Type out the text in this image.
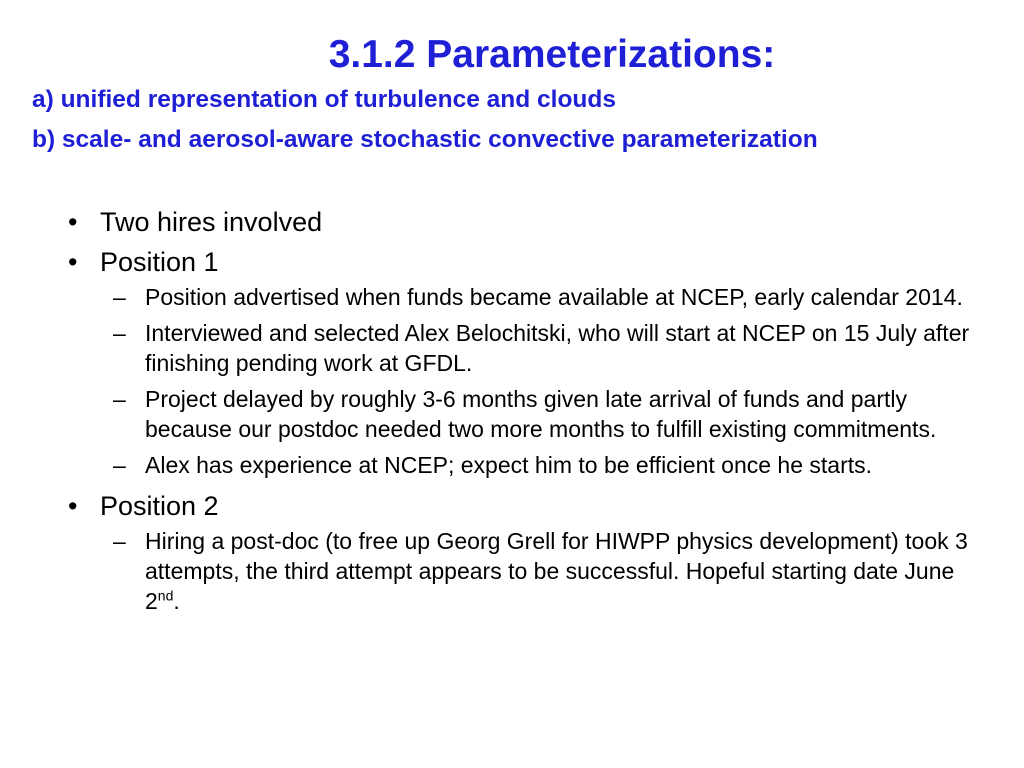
3.1.2 Parameterizations:

a) unified representation of turbulence and clouds

b) scale- and aerosol-aware stochastic convective parameterization

• Two hires involved

• Position 1

– Position advertised when funds became available at NCEP, early calendar 2014.

– Interviewed and selected Alex Belochitski, who will start at NCEP on 15 July after finishing pending work at GFDL.

– Project delayed by roughly 3-6 months given late arrival of funds and partly because our postdoc needed two more months to fulfill existing commitments.

– Alex has experience at NCEP; expect him to be efficient once he starts.

• Position 2

– Hiring a post-doc (to free up Georg Grell for HIWPP physics development) took 3 attempts, the third attempt appears to be successful. Hopeful starting date June 2nd.
